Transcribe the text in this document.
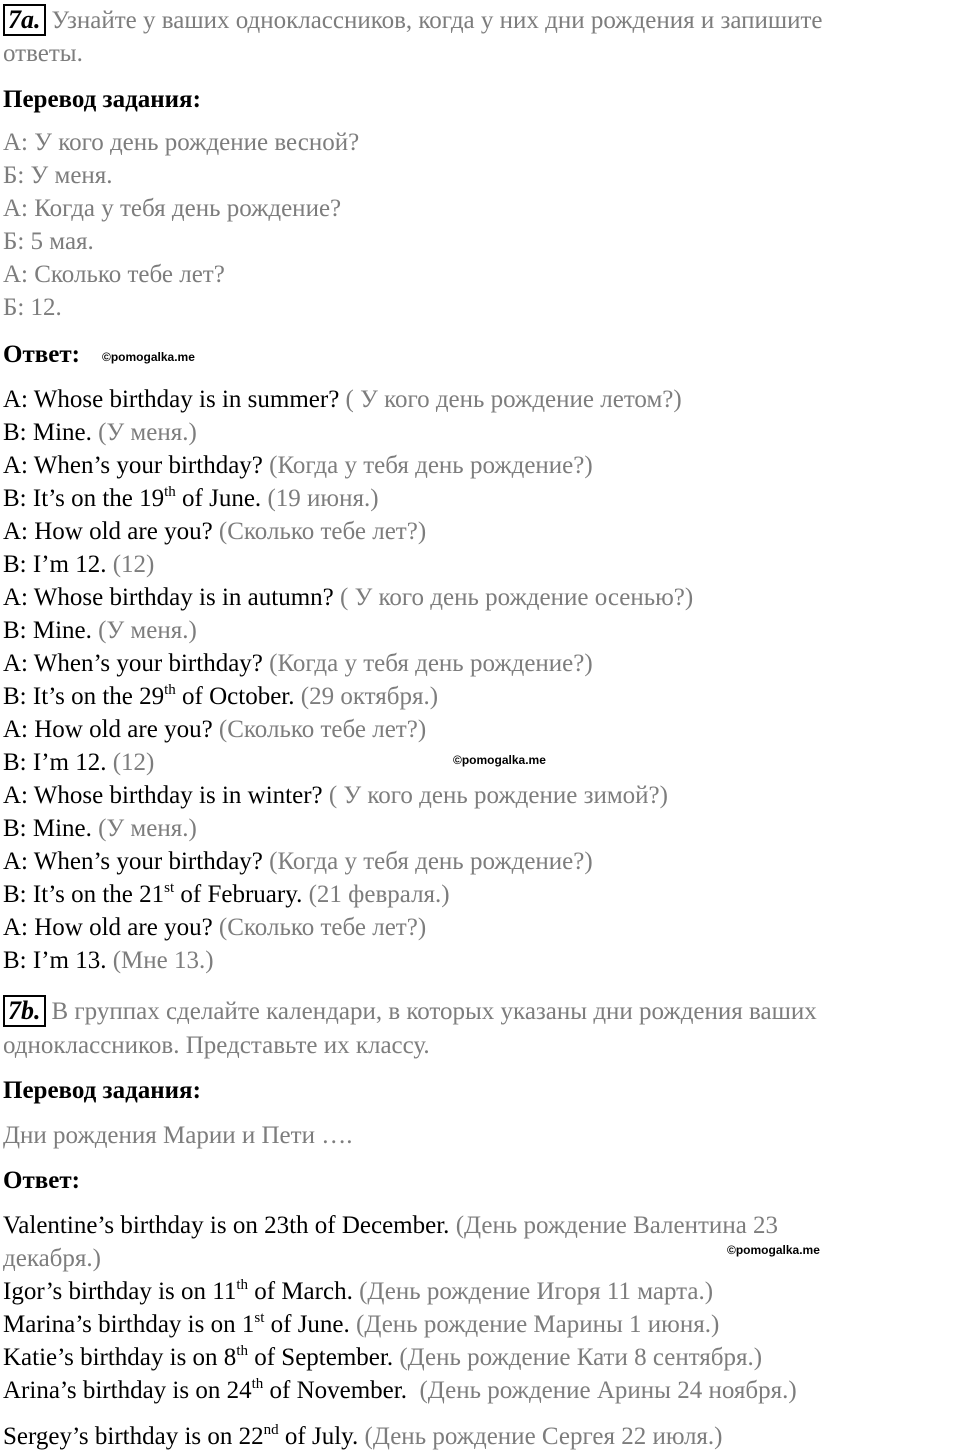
7a. Узнайте у ваших одноклассников, когда у них дни рождения и запишите
ответы.
Перевод задания:
А: У кого день рождение весной?
Б: У меня.
А: Когда у тебя день рождение?
Б: 5 мая.
А: Сколько тебе лет?
Б: 12.
Ответ: ©pomogalka.me
A: Whose birthday is in summer? ( У кого день рождение летом?)
B: Mine. (У меня.)
A: When’s your birthday? (Когда у тебя день рождение?)
B: It’s on the 19th of June. (19 июня.)
A: How old are you? (Сколько тебе лет?)
B: I’m 12. (12)
A: Whose birthday is in autumn? ( У кого день рождение осенью?)
B: Mine. (У меня.)
A: When’s your birthday? (Когда у тебя день рождение?)
B: It’s on the 29th of October. (29 октября.)
A: How old are you? (Сколько тебе лет?)
B: I’m 12. (12)	©pomogalka.me
A: Whose birthday is in winter? ( У кого день рождение зимой?)
B: Mine. (У меня.)
A: When’s your birthday? (Когда у тебя день рождение?)
B: It’s on the 21st of February. (21 февраля.)
A: How old are you? (Сколько тебе лет?)
B: I’m 13. (Мне 13.)
7b. В группах сделайте календари, в которых указаны дни рождения ваших
одноклассников. Представьте их классу.
Перевод задания:
Дни рождения Марии и Пети ….
Ответ:
Valentine’s birthday is on 23th of December. (День рождение Валентина 23
декабря.)	©pomogalka.me
Igor’s birthday is on 11th of March. (День рождение Игоря 11 марта.)
Marina’s birthday is on 1st of June. (День рождение Марины 1 июня.)
Katie’s birthday is on 8th of September. (День рождение Кати 8 сентября.)
Arina’s birthday is on 24th of November.  (День рождение Арины 24 ноября.)
Sergey’s birthday is on 22nd of July. (День рождение Сергея 22 июля.)
